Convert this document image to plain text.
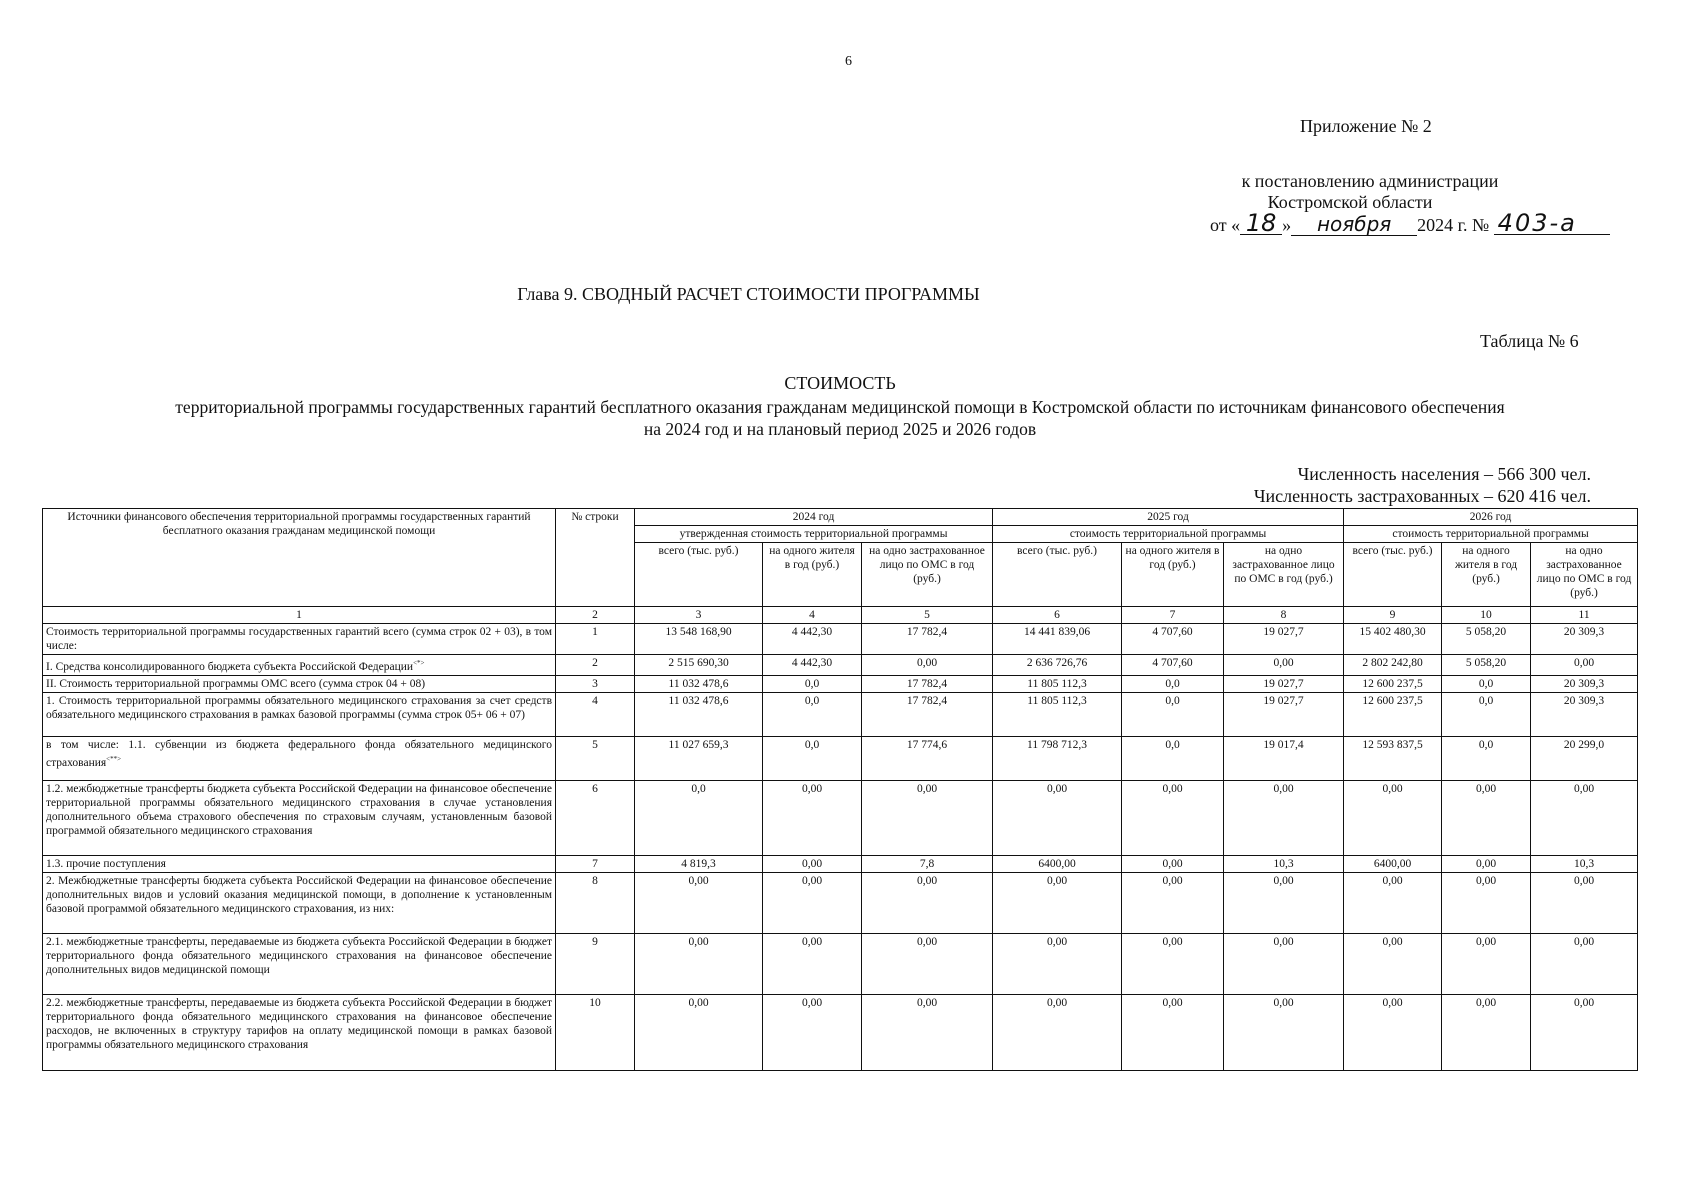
6
Приложение № 2
к постановлению администрации
Костромской области
от « 18 » ноября 2024 г. № 403-а
Глава 9. СВОДНЫЙ РАСЧЕТ СТОИМОСТИ ПРОГРАММЫ
Таблица № 6
СТОИМОСТЬ
территориальной программы государственных гарантий бесплатного оказания гражданам медицинской помощи в Костромской области по источникам финансового обеспечения
на 2024 год и на плановый период 2025 и 2026 годов
Численность населения – 566 300 чел.
Численность застрахованных – 620 416 чел.
Источники финансового обеспечения территориальной программы государственных гарантий бесплатного оказания гражданам медицинской помощи	№ строки	2024 год			2025 год			2026 год		
		утвержденная стоимость территориальной программы			стоимость территориальной программы			стоимость территориальной программы		
		всего (тыс. руб.)	на одного жителя в год (руб.)	на одно застрахованное лицо по ОМС в год (руб.)	всего (тыс. руб.)	на одного жителя в год (руб.)	на одно застрахованное лицо по ОМС в год (руб.)	всего (тыс. руб.)	на одного жителя в год (руб.)	на одно застрахованное лицо по ОМС в год (руб.)
1	2	3	4	5	6	7	8	9	10	11
Стоимость территориальной программы государственных гарантий всего (сумма строк 02 + 03), в том числе:	1	13 548 168,90	4 442,30	17 782,4	14 441 839,06	4 707,60	19 027,7	15 402 480,30	5 058,20	20 309,3
I. Средства консолидированного бюджета субъекта Российской Федерации<*>	2	2 515 690,30	4 442,30	0,00	2 636 726,76	4 707,60	0,00	2 802 242,80	5 058,20	0,00
II. Стоимость территориальной программы ОМС всего (сумма строк 04 + 08)	3	11 032 478,6	0,0	17 782,4	11 805 112,3	0,0	19 027,7	12 600 237,5	0,0	20 309,3
1. Стоимость территориальной программы обязательного медицинского страхования за счет средств обязательного медицинского страхования в рамках базовой программы (сумма строк 05+ 06 + 07)	4	11 032 478,6	0,0	17 782,4	11 805 112,3	0,0	19 027,7	12 600 237,5	0,0	20 309,3
в том числе: 1.1. субвенции из бюджета федерального фонда обязательного медицинского страхования<**>	5	11 027 659,3	0,0	17 774,6	11 798 712,3	0,0	19 017,4	12 593 837,5	0,0	20 299,0
1.2. межбюджетные трансферты бюджета субъекта Российской Федерации на финансовое обеспечение территориальной программы обязательного медицинского страхования в случае установления дополнительного объема страхового обеспечения по страховым случаям, установленным базовой программой обязательного медицинского страхования	6	0,0	0,00	0,00	0,00	0,00	0,00	0,00	0,00	0,00
1.3. прочие поступления	7	4 819,3	0,00	7,8	6400,00	0,00	10,3	6400,00	0,00	10,3
2. Межбюджетные трансферты бюджета субъекта Российской Федерации на финансовое обеспечение дополнительных видов и условий оказания медицинской помощи, в дополнение к установленным базовой программой обязательного медицинского страхования, из них:	8	0,00	0,00	0,00	0,00	0,00	0,00	0,00	0,00	0,00
2.1. межбюджетные трансферты, передаваемые из бюджета субъекта Российской Федерации в бюджет территориального фонда обязательного медицинского страхования на финансовое обеспечение дополнительных видов медицинской помощи	9	0,00	0,00	0,00	0,00	0,00	0,00	0,00	0,00	0,00
2.2. межбюджетные трансферты, передаваемые из бюджета субъекта Российской Федерации в бюджет территориального фонда обязательного медицинского страхования на финансовое обеспечение расходов, не включенных в структуру тарифов на оплату медицинской помощи в рамках базовой программы обязательного медицинского страхования	10	0,00	0,00	0,00	0,00	0,00	0,00	0,00	0,00	0,00
